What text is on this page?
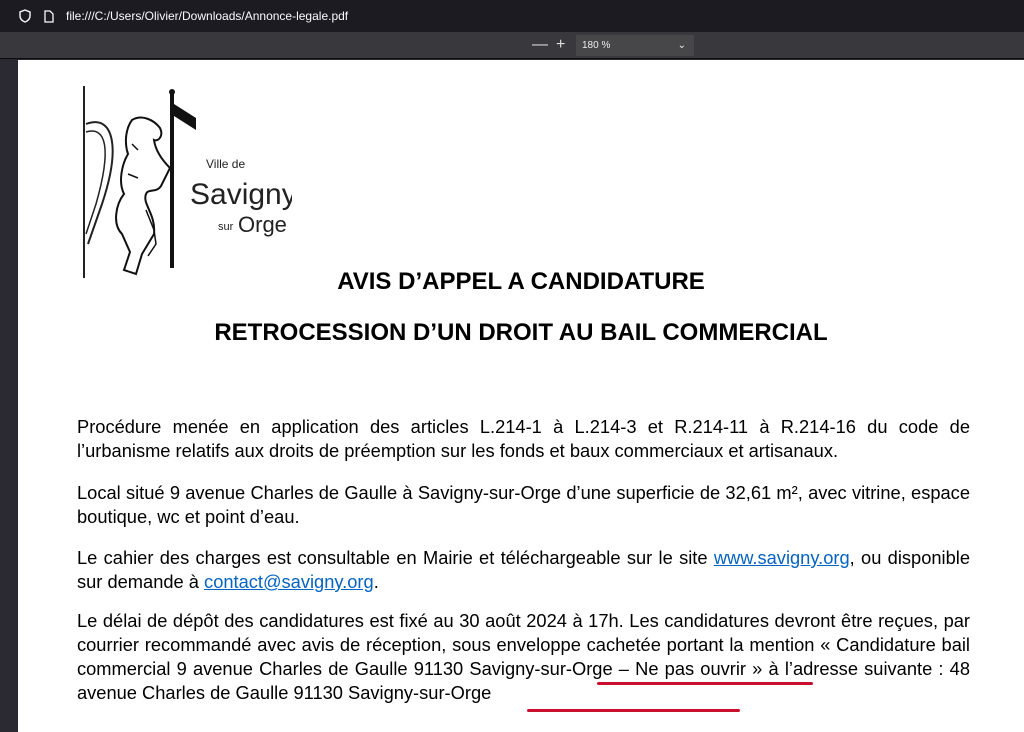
file:///C:/Users/Olivier/Downloads/Annonce-legale.pdf
— +	180 %	⌄
Ville de
Savigny
sur Orge
AVIS D’APPEL A CANDIDATURE
RETROCESSION D’UN DROIT AU BAIL COMMERCIAL
Procédure menée en application des articles L.214-1 à L.214-3 et R.214-11 à R.214-16 du code de l’urbanisme relatifs aux droits de préemption sur les fonds et baux commerciaux et artisanaux.
Local situé 9 avenue Charles de Gaulle à Savigny-sur-Orge d’une superficie de 32,61 m², avec vitrine, espace boutique, wc et point d’eau.
Le cahier des charges est consultable en Mairie et téléchargeable sur le site www.savigny.org, ou disponible sur demande à contact@savigny.org.
Le délai de dépôt des candidatures est fixé au 30 août 2024 à 17h. Les candidatures devront être reçues, par courrier recommandé avec avis de réception, sous enveloppe cachetée portant la mention « Candidature bail commercial 9 avenue Charles de Gaulle 91130 Savigny-sur-Orge – Ne pas ouvrir » à l’adresse suivante : 48 avenue Charles de Gaulle 91130 Savigny-sur-Orge
